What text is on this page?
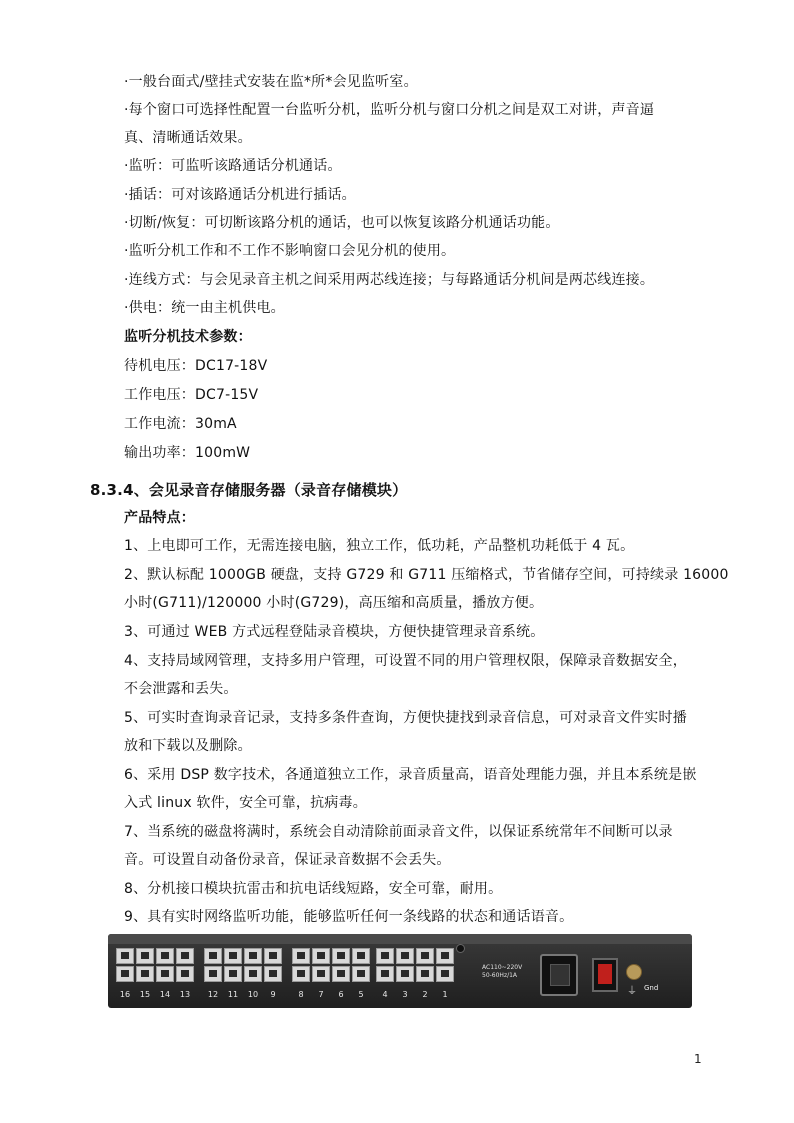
·一般台面式/壁挂式安装在监*所*会见监听室。
·每个窗口可选择性配置一台监听分机，监听分机与窗口分机之间是双工对讲，声音逼
真、清晰通话效果。
·监听：可监听该路通话分机通话。
·插话：可对该路通话分机进行插话。
·切断/恢复：可切断该路分机的通话，也可以恢复该路分机通话功能。
·监听分机工作和不工作不影响窗口会见分机的使用。
·连线方式：与会见录音主机之间采用两芯线连接；与每路通话分机间是两芯线连接。
·供电：统一由主机供电。
监听分机技术参数：
待机电压：DC17-18V
工作电压：DC7-15V
工作电流：30mA
输出功率：100mW
8.3.4、会见录音存储服务器（录音存储模块）
产品特点：
1、上电即可工作，无需连接电脑，独立工作，低功耗，产品整机功耗低于 4 瓦。
2、默认标配 1000GB 硬盘，支持 G729 和 G711 压缩格式，节省储存空间，可持续录 16000
小时(G711)/120000 小时(G729)，高压缩和高质量，播放方便。
3、可通过 WEB 方式远程登陆录音模块，方便快捷管理录音系统。
4、支持局域网管理，支持多用户管理，可设置不同的用户管理权限，保障录音数据安全，
不会泄露和丢失。
5、可实时查询录音记录，支持多条件查询，方便快捷找到录音信息，可对录音文件实时播
放和下载以及删除。
6、采用 DSP 数字技术，各通道独立工作，录音质量高，语音处理能力强，并且本系统是嵌
入式 linux 软件，安全可靠，抗病毒。
7、当系统的磁盘将满时，系统会自动清除前面录音文件，以保证系统常年不间断可以录
音。可设置自动备份录音，保证录音数据不会丢失。
8、分机接口模块抗雷击和抗电话线短路，安全可靠，耐用。
9、具有实时网络监听功能，能够监听任何一条线路的状态和通话语音。
16	15	14	13	12	11	10	9	8	7	6	5	4	3	2	1
AC110~220V
50-60Hz/1A
⏚ Gnd
1
